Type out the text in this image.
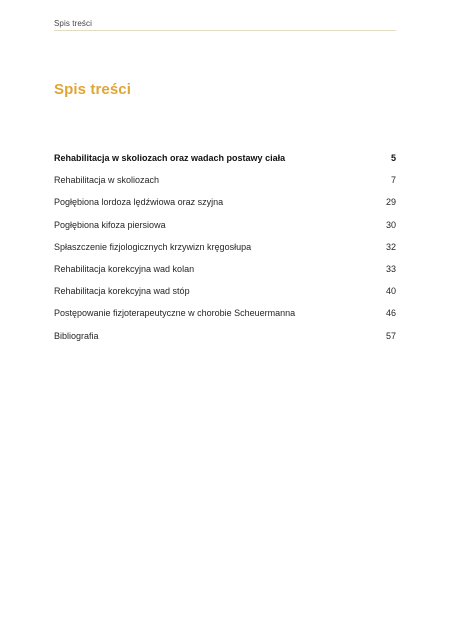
Spis treści
Spis treści
Rehabilitacja w skoliozach oraz wadach postawy ciała	5
Rehabilitacja w skoliozach	7
Pogłębiona lordoza lędźwiowa oraz szyjna	29
Pogłębiona kifoza piersiowa	30
Spłaszczenie fizjologicznych krzywizn kręgosłupa	32
Rehabilitacja korekcyjna wad kolan	33
Rehabilitacja korekcyjna wad stóp	40
Postępowanie fizjoterapeutyczne w chorobie Scheuermanna	46
Bibliografia	57
